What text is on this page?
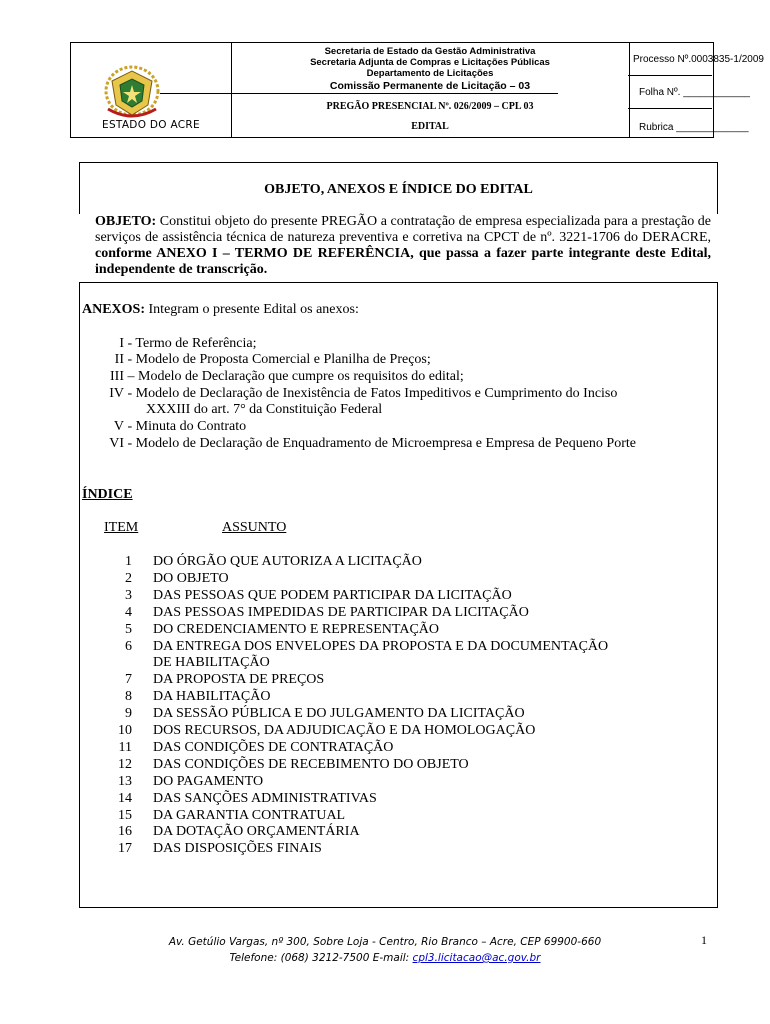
ESTADO DO ACRE
Secretaria de Estado da Gestão Administrativa
Secretaria Adjunta de Compras e Licitações Públicas
Departamento de Licitações
Comissão Permanente de Licitação – 03
PREGÃO PRESENCIAL Nº. 026/2009 – CPL 03
EDITAL
Processo Nº.0003835-1/2009
Folha Nº. ____________
Rubrica _____________
OBJETO, ANEXOS E ÍNDICE DO EDITAL
OBJETO: Constitui objeto do presente PREGÃO a contratação de empresa especializada para a prestação de serviços de assistência técnica de natureza preventiva e corretiva na CPCT de nº. 3221-1706 do DERACRE, conforme ANEXO I – TERMO DE REFERÊNCIA, que passa a fazer parte integrante deste Edital, independente de transcrição.
ANEXOS: Integram o presente Edital os anexos:
I - Termo de Referência;
II - Modelo de Proposta Comercial e Planilha de Preços;
III – Modelo de Declaração que cumpre os requisitos do edital;
IV - Modelo de Declaração de Inexistência de Fatos Impeditivos e Cumprimento do Inciso
XXXIII do art. 7° da Constituição Federal
V - Minuta do Contrato
VI - Modelo de Declaração de Enquadramento de Microempresa e Empresa de Pequeno Porte
ÍNDICE
ITEM	ASSUNTO
1 DO ÓRGÃO QUE AUTORIZA A LICITAÇÃO
2 DO OBJETO
3 DAS PESSOAS QUE PODEM PARTICIPAR DA LICITAÇÃO
4 DAS PESSOAS IMPEDIDAS DE PARTICIPAR DA LICITAÇÃO
5 DO CREDENCIAMENTO E REPRESENTAÇÃO
6 DA ENTREGA DOS ENVELOPES DA PROPOSTA E DA DOCUMENTAÇÃO
DE HABILITAÇÃO
7 DA PROPOSTA DE PREÇOS
8 DA HABILITAÇÃO
9 DA SESSÃO PÚBLICA E DO JULGAMENTO DA LICITAÇÃO
10 DOS RECURSOS, DA ADJUDICAÇÃO E DA HOMOLOGAÇÃO
11 DAS CONDIÇÕES DE CONTRATAÇÃO
12 DAS CONDIÇÕES DE RECEBIMENTO DO OBJETO
13 DO PAGAMENTO
14 DAS SANÇÕES ADMINISTRATIVAS
15 DA GARANTIA CONTRATUAL
16 DA DOTAÇÃO ORÇAMENTÁRIA
17 DAS DISPOSIÇÕES FINAIS
Av. Getúlio Vargas, nº 300, Sobre Loja - Centro, Rio Branco – Acre, CEP 69900-660
Telefone: (068) 3212-7500 E-mail: cpl3.licitacao@ac.gov.br
1
